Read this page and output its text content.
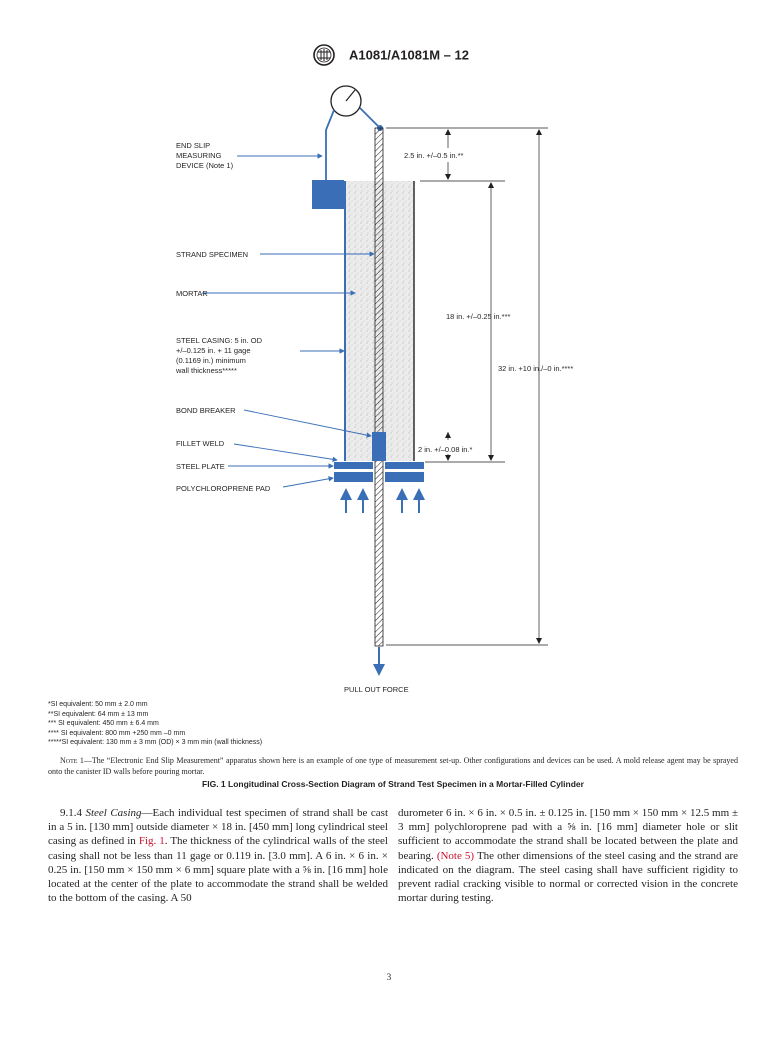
A1081/A1081M – 12
PULL OUT FORCE
END SLIP
MEASURING
DEVICE (Note 1)
STRAND SPECIMEN
MORTAR
STEEL CASING: 5 in. OD
+/–0.125 in. + 11 gage
(0.1169 in.) minimum
wall thickness*****
BOND BREAKER
FILLET WELD
STEEL PLATE
POLYCHLOROPRENE PAD
2.5 in. +/–0.5 in.**
18 in. +/–0.25 in.***
32 in. +10 in./–0 in.****
2 in. +/–0.08 in.*
*SI equivalent: 50 mm ± 2.0 mm
**SI equivalent: 64 mm ± 13 mm
*** SI equivalent: 450 mm ± 6.4 mm
**** SI equivalent: 800 mm +250 mm –0 mm
*****SI equivalent: 130 mm ± 3 mm (OD) × 3 mm min (wall thickness)
Note 1—The “Electronic End Slip Measurement” apparatus shown here is an example of one type of measurement set-up. Other configurations and devices can be used. A mold release agent may be sprayed onto the canister ID walls before pouring mortar.
FIG. 1 Longitudinal Cross-Section Diagram of Strand Test Specimen in a Mortar-Filled Cylinder

9.1.4 Steel Casing—Each individual test specimen of strand shall be cast in a 5 in. [130 mm] outside diameter × 18 in. [450 mm] long cylindrical steel casing as defined in Fig. 1. The thickness of the cylindrical walls of the steel casing shall not be less than 11 gage or 0.119 in. [3.0 mm]. A 6 in. × 6 in. × 0.25 in. [150 mm × 150 mm × 6 mm] square plate with a ⅝ in. [16 mm] hole located at the center of the plate to accommodate the strand shall be welded to the bottom of the casing. A 50

durometer 6 in. × 6 in. × 0.5 in. ± 0.125 in. [150 mm × 150 mm × 12.5 mm ± 3 mm] polychloroprene pad with a ⅝ in. [16 mm] diameter hole or slit sufficient to accommodate the strand shall be located between the plate and bearing. (Note 5) The other dimensions of the steel casing and the strand are indicated on the diagram. The steel casing shall have sufficient rigidity to prevent radial cracking visible to normal or corrected vision in the concrete mortar during testing.

3
